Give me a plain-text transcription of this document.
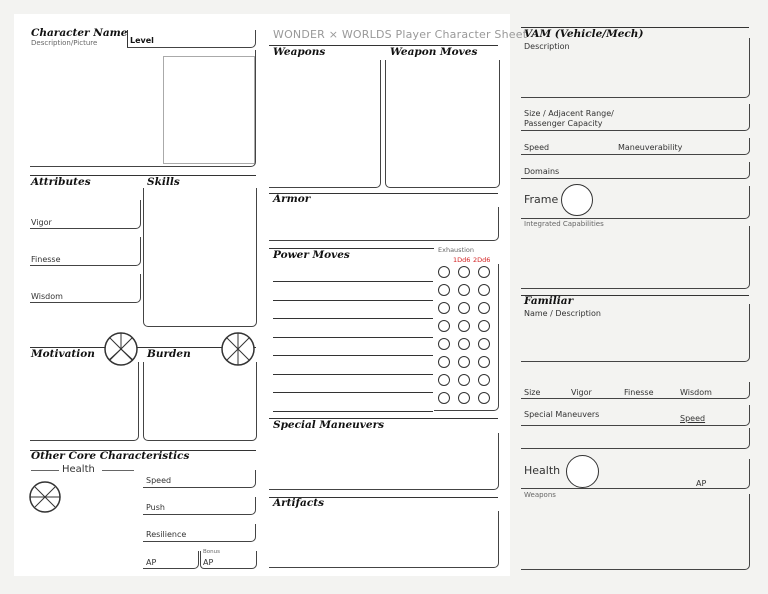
Character Name
Description/Picture	Level
Attributes	Skills
Vigor
Finesse
Wisdom
Motivation	Burden
Other Core Characteristics
Health
Speed
Push
Resilience
AP
Bonus
AP
WONDER × WORLDS Player Character Sheet
Weapons	Weapon Moves
Armor
Power Moves	Exhaustion
1Dd6 2Dd6
Special Maneuvers
Artifacts
VAM (Vehicle/Mech)
Description
Size / Adjacent Range/
Passenger Capacity
Speed	Maneuverability
Domains
Frame
Integrated Capabilities
Familiar
Name / Description
Size	Vigor	Finesse	Wisdom
Special Maneuvers	Speed
Health
AP
Weapons
